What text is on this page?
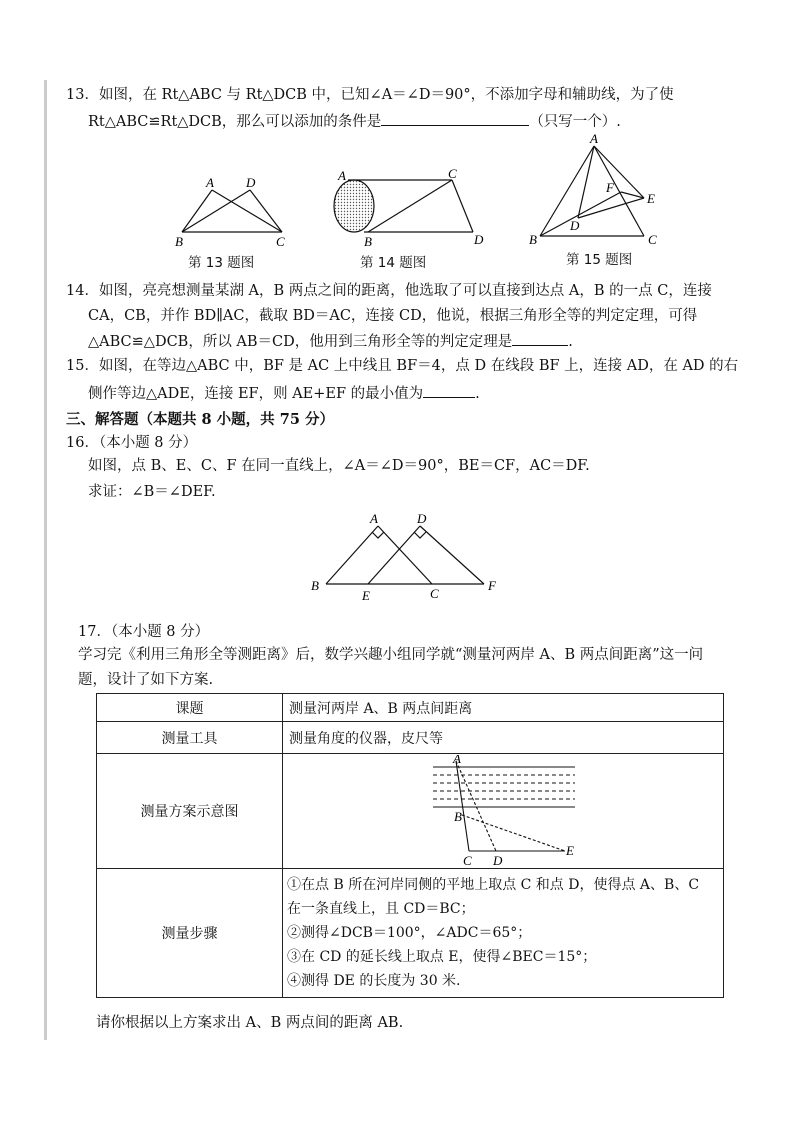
13．如图，在 Rt△ABC 与 Rt△DCB 中，已知∠A＝∠D＝90°，不添加字母和辅助线，为了使
Rt△ABC≌Rt△DCB，那么可以添加的条件是	（只写一个）.
A D
B	C
第 13 题图
A	C
B	D
第 14 题图
A
F
E
D
B	C
第 15 题图
14．如图，亮亮想测量某湖 A，B 两点之间的距离，他选取了可以直接到达点 A，B 的一点 C，连接
CA，CB，并作 BD∥AC，截取 BD＝AC，连接 CD，他说，根据三角形全等的判定定理，可得
△ABC≌△DCB，所以 AB＝CD，他用到三角形全等的判定定理是	.
15．如图，在等边△ABC 中，BF 是 AC 上中线且 BF＝4，点 D 在线段 BF 上，连接 AD，在 AD 的右
侧作等边△ADE，连接 EF，则 AE+EF 的最小值为	.
三、解答题（本题共 8 小题，共 75 分）
16．（本小题 8 分）
如图，点 B、E、C、F 在同一直线上，∠A＝∠D＝90°，BE＝CF，AC＝DF.
求证：∠B＝∠DEF.
A	D
B
E	C
F
17．（本小题 8 分）
学习完《利用三角形全等测距离》后，数学兴趣小组同学就“测量河两岸 A、B 两点间距离”这一问
题，设计了如下方案.
课题	测量河两岸 A、B 两点间距离
测量工具	测量角度的仪器，皮尺等
测量方案示意图	A
B
C D
E

测量步骤	①在点 B 所在河岸同侧的平地上取点 C 和点 D，使得点 A、B、C
在一条直线上，且 CD＝BC；
②测得∠DCB＝100°，∠ADC＝65°；
③在 CD 的延长线上取点 E，使得∠BEC＝15°；
④测得 DE 的长度为 30 米.
请你根据以上方案求出 A、B 两点间的距离 AB.
